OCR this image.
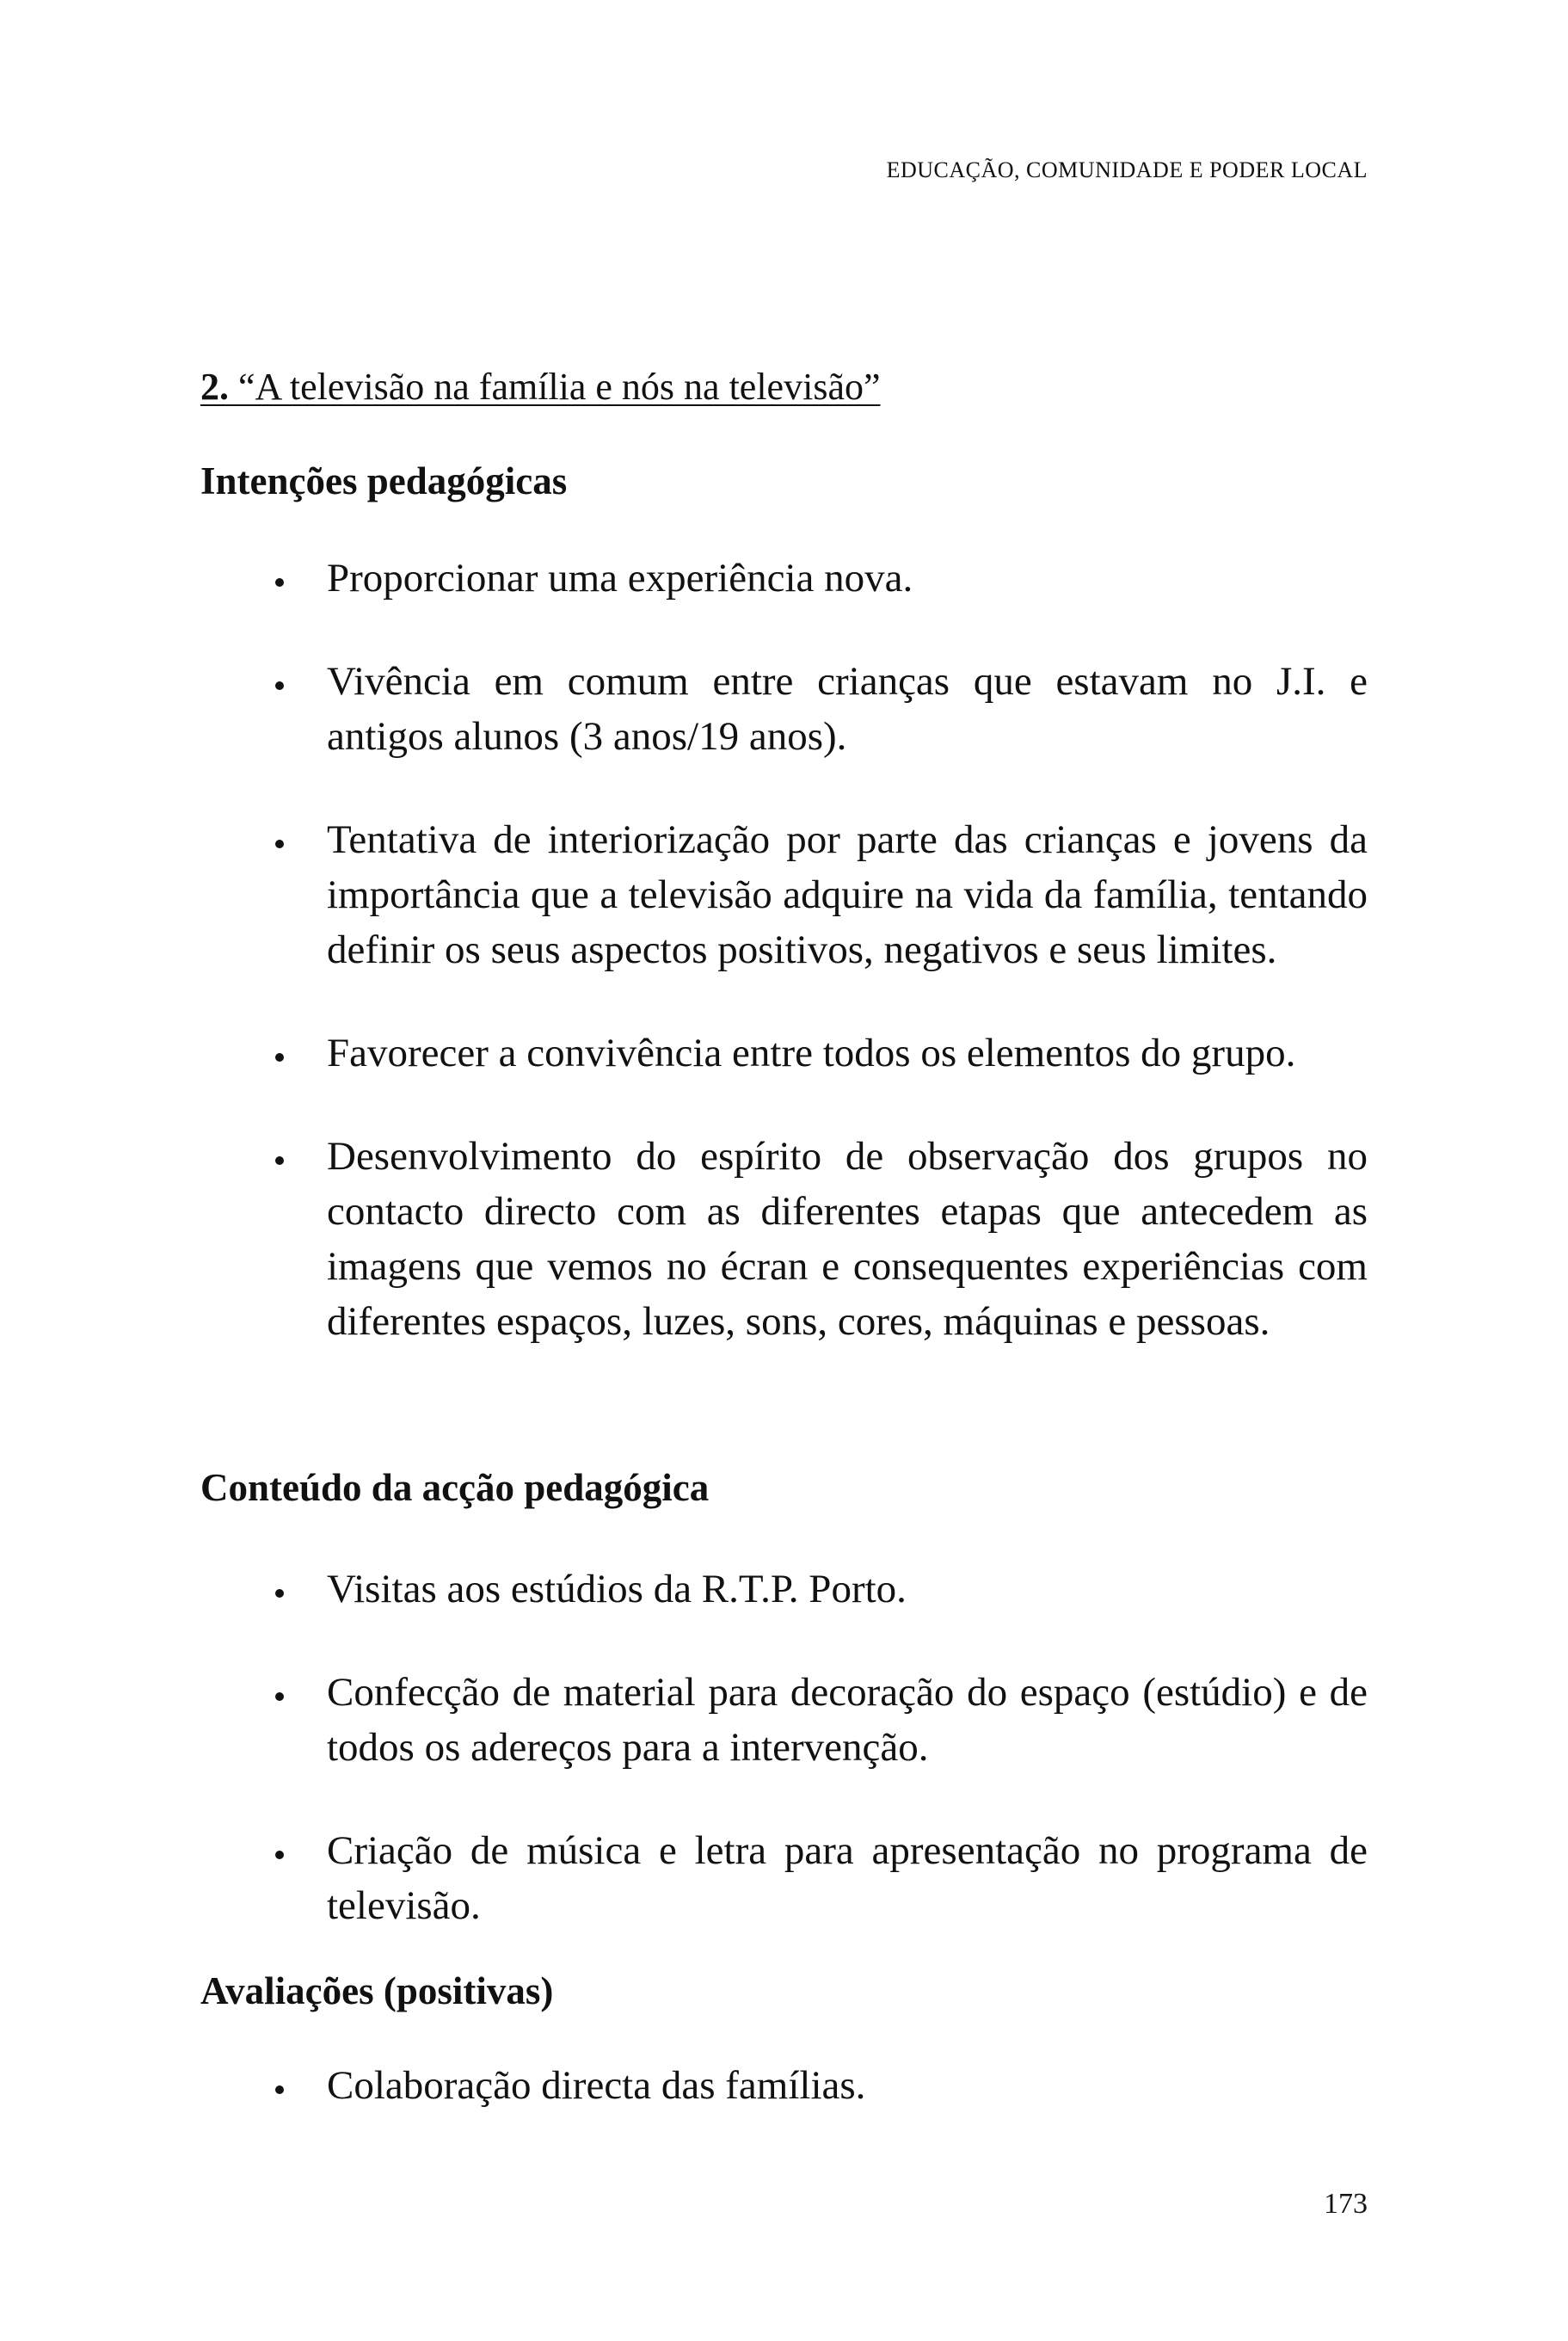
EDUCAÇÃO, COMUNIDADE E PODER LOCAL
2. “A televisão na família e nós na televisão”
Intenções pedagógicas
Proporcionar uma experiência nova.
Vivência em comum entre crianças que estavam no J.I. e antigos alunos (3 anos/19 anos).
Tentativa de interiorização por parte das crianças e jovens da importância que a televisão adquire na vida da família, tentando definir os seus aspectos positivos, negativos e seus limites.
Favorecer a convivência entre todos os elementos do grupo.
Desenvolvimento do espírito de observação dos grupos no contacto directo com as diferentes etapas que antecedem as imagens que vemos no écran e consequentes experiências com diferentes espaços, luzes, sons, cores, máquinas e pessoas.
Conteúdo da acção pedagógica
Visitas aos estúdios da R.T.P. Porto.
Confecção de material para decoração do espaço (estúdio) e de todos os adereços para a intervenção.
Criação de música e letra para apresentação no programa de televisão.
Avaliações (positivas)
Colaboração directa das famílias.
173
